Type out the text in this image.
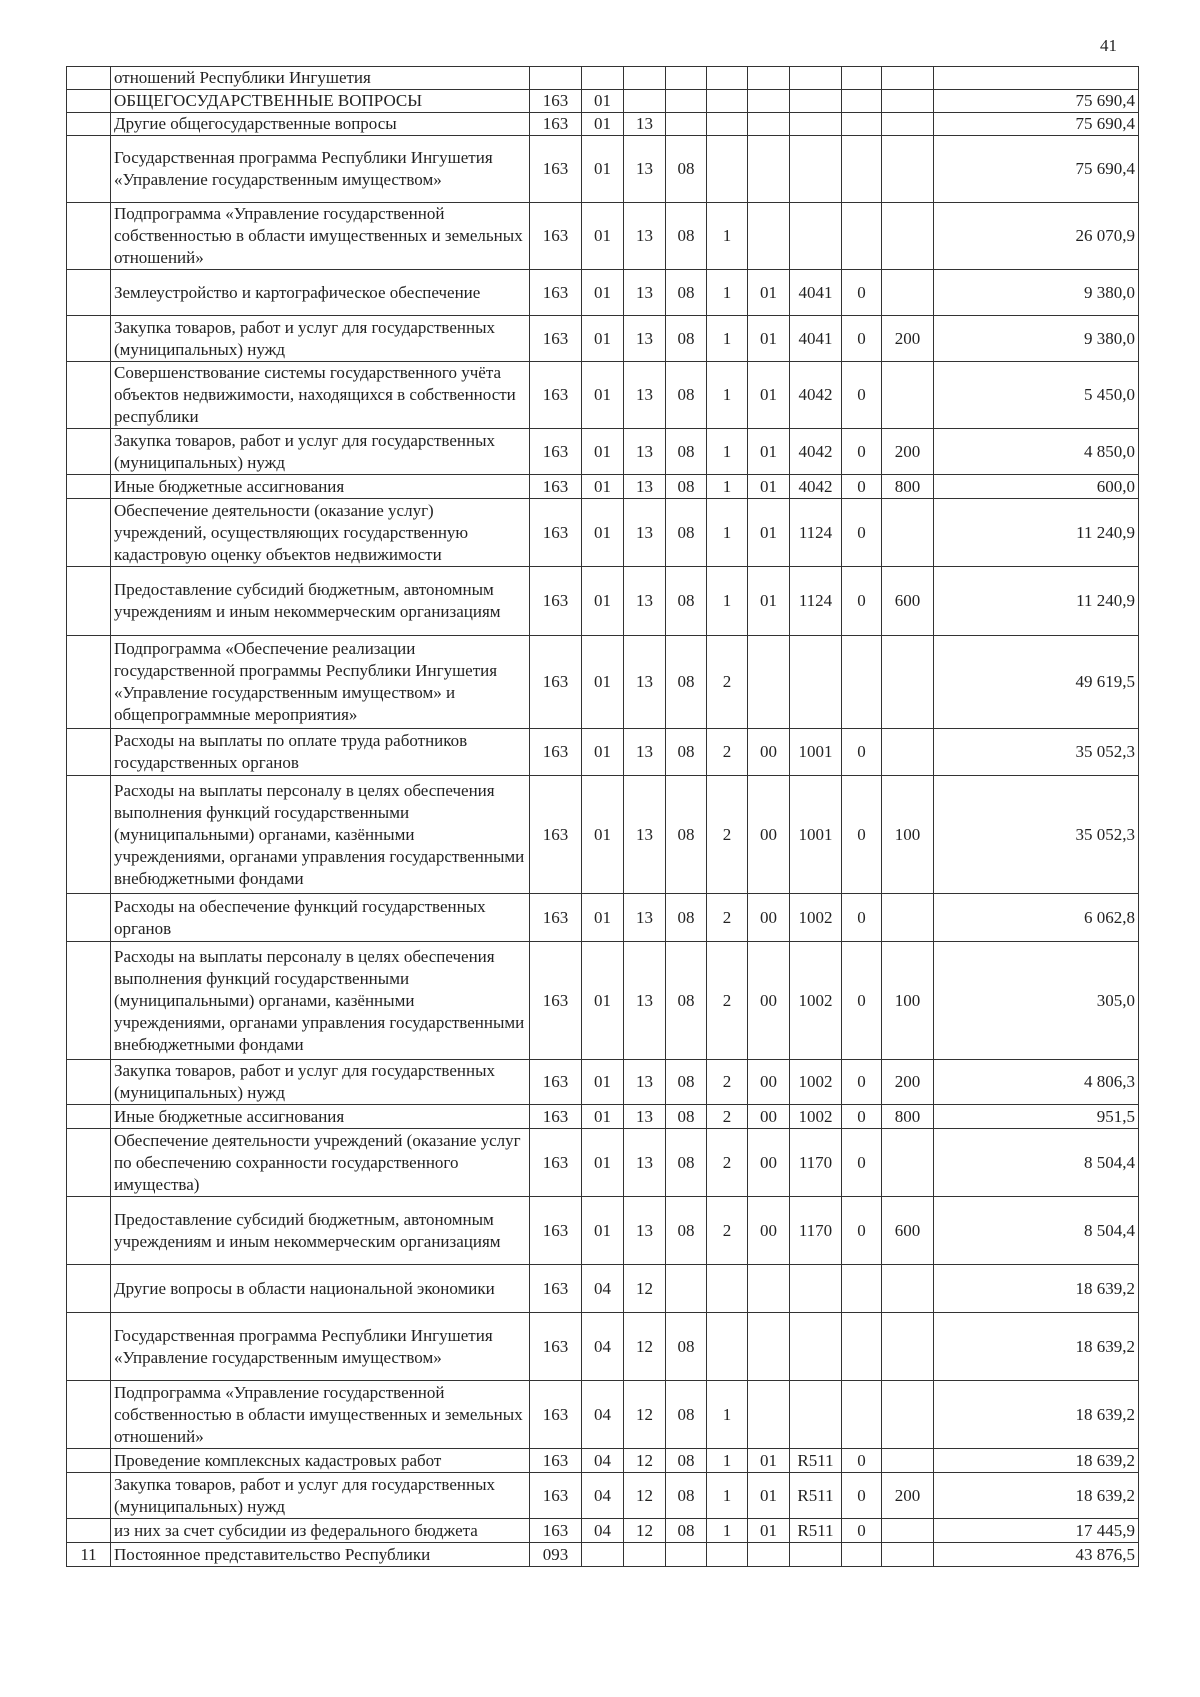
41
	отношений Республики Ингушетия										
	ОБЩЕГОСУДАРСТВЕННЫЕ ВОПРОСЫ	163	01								75 690,4
	Другие общегосударственные вопросы	163	01	13							75 690,4
	Государственная программа Республики Ингушетия «Управление государственным имуществом»	163	01	13	08						75 690,4
	Подпрограмма «Управление государственной собственностью в области имущественных и земельных отношений»	163	01	13	08	1					26 070,9
	Землеустройство и картографическое обеспечение	163	01	13	08	1	01	4041	0		9 380,0
	Закупка товаров, работ и услуг для государственных (муниципальных) нужд	163	01	13	08	1	01	4041	0	200	9 380,0
	Совершенствование системы государственного учёта объектов недвижимости, находящихся в собственности республики	163	01	13	08	1	01	4042	0		5 450,0
	Закупка товаров, работ и услуг для государственных (муниципальных) нужд	163	01	13	08	1	01	4042	0	200	4 850,0
	Иные бюджетные ассигнования	163	01	13	08	1	01	4042	0	800	600,0
	Обеспечение деятельности (оказание услуг) учреждений, осуществляющих государственную кадастровую оценку объектов недвижимости	163	01	13	08	1	01	1124	0		11 240,9
	Предоставление субсидий бюджетным, автономным учреждениям и иным некоммерческим организациям	163	01	13	08	1	01	1124	0	600	11 240,9
	Подпрограмма «Обеспечение реализации государственной программы Республики Ингушетия «Управление государственным имуществом» и общепрограммные мероприятия»	163	01	13	08	2					49 619,5
	Расходы на выплаты по оплате труда работников государственных органов	163	01	13	08	2	00	1001	0		35 052,3
	Расходы на выплаты персоналу в целях обеспечения выполнения функций государственными (муниципальными) органами, казёнными учреждениями, органами управления государственными внебюджетными фондами	163	01	13	08	2	00	1001	0	100	35 052,3
	Расходы на обеспечение функций государственных органов	163	01	13	08	2	00	1002	0		6 062,8
	Расходы на выплаты персоналу в целях обеспечения выполнения функций государственными (муниципальными) органами, казёнными учреждениями, органами управления государственными внебюджетными фондами	163	01	13	08	2	00	1002	0	100	305,0
	Закупка товаров, работ и услуг для государственных (муниципальных) нужд	163	01	13	08	2	00	1002	0	200	4 806,3
	Иные бюджетные ассигнования	163	01	13	08	2	00	1002	0	800	951,5
	Обеспечение деятельности учреждений (оказание услуг по обеспечению сохранности государственного имущества)	163	01	13	08	2	00	1170	0		8 504,4
	Предоставление субсидий бюджетным, автономным учреждениям и иным некоммерческим организациям	163	01	13	08	2	00	1170	0	600	8 504,4
	Другие вопросы в области национальной экономики	163	04	12							18 639,2
	Государственная программа Республики Ингушетия «Управление государственным имуществом»	163	04	12	08						18 639,2
	Подпрограмма «Управление государственной собственностью в области имущественных и земельных отношений»	163	04	12	08	1					18 639,2
	Проведение комплексных кадастровых работ	163	04	12	08	1	01	R511	0		18 639,2
	Закупка товаров, работ и услуг для государственных (муниципальных) нужд	163	04	12	08	1	01	R511	0	200	18 639,2
	из них за счет субсидии из федерального бюджета	163	04	12	08	1	01	R511	0		17 445,9
11	Постоянное представительство Республики	093									43 876,5
